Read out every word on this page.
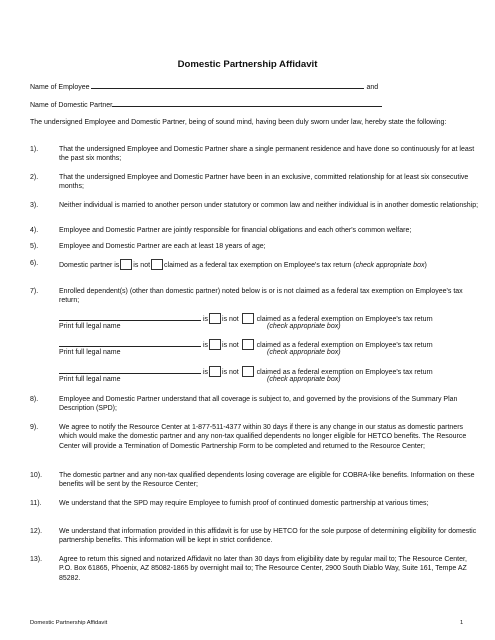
Domestic Partnership Affidavit
Name of Employee	and
Name of Domestic Partner
The undersigned Employee and Domestic Partner, being of sound mind, having been duly sworn under law, hereby state the following:
1).	That the undersigned Employee and Domestic Partner share a single permanent residence and have done so continuously for at least the past six months;
2).	That the undersigned Employee and Domestic Partner have been in an exclusive, committed relationship for at least six consecutive months;
3).	Neither individual is married to another person under statutory or common law and neither individual is in another domestic relationship;
4).	Employee and Domestic Partner are jointly responsible for financial obligations and each other's common welfare;
5).	Employee and Domestic Partner are each at least 18 years of age;
6).	Domestic partner is is not claimed as a federal tax exemption on Employee's tax return (check appropriate box)
7).	Enrolled dependent(s) (other than domestic partner) noted below is or is not claimed as a federal tax exemption on Employee's tax return;
is is not	claimed as a federal exemption on Employee's tax return
Print full legal name	(check appropriate box)
is is not	claimed as a federal exemption on Employee's tax return
Print full legal name	(check appropriate box)
is is not	claimed as a federal exemption on Employee's tax return
Print full legal name	(check appropriate box)
8).	Employee and Domestic Partner understand that all coverage is subject to, and governed by the provisions of the Summary Plan Description (SPD);
9).	We agree to notify the Resource Center at 1-877-511-4377 within 30 days if there is any change in our status as domestic partners which would make the domestic partner and any non-tax qualified dependents no longer eligible for HETCO benefits. The Resource Center will provide a Termination of Domestic Partnership Form to be completed and returned to the Resource Center;
10). The domestic partner and any non-tax qualified dependents losing coverage are eligible for COBRA-like benefits. Information on these benefits will be sent by the Resource Center;
11). We understand that the SPD may require Employee to furnish proof of continued domestic partnership at various times;
12). We understand that information provided in this affidavit is for use by HETCO for the sole purpose of determining eligibility for domestic partnership benefits. This information will be kept in strict confidence.
13). Agree to return this signed and notarized Affidavit no later than 30 days from eligibility date by regular mail to; The Resource Center, P.O. Box 61865, Phoenix, AZ 85082-1865 by overnight mail to; The Resource Center, 2900 South Diablo Way, Suite 161, Tempe AZ 85282.
Domestic Partnership Affidavit	1
